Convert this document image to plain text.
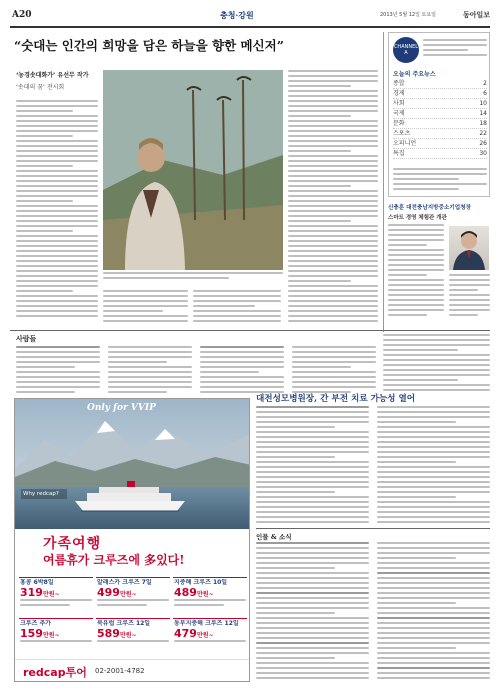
A20	충청·강원	2013년 5월 12일 토요일	동아일보
“숫대는 인간의 희망을 담은 하늘을 향한 메신저”
‘농경솟대화가’ 유선무 작가
‘솟대의 꿈’ 전시회
CHANNEL A
오늘의 주요뉴스
종합	2
경제	6
사회	10
국제	14
문화	18
스포츠	22
오피니언	26
특집	30
신충훈 대전충남지방중소기업청장
스마트 경영 체험관 개관
사람들
대전성모병원장, 간 부전 치료 가능성 열어
인물 & 소식
Only for VVIP
Why redcap?
가족여행
여름휴가 크루즈에 多있다!
홍콩 6박8일
319만원~
알래스카 크루즈 7일
499만원~
지중해 크루즈 10일
489만원~
크루즈 추가
159만원~
북유럽 크루즈 12일
589만원~
동부지중해 크루즈 12일
479만원~
redcap투어 02-2001-4782
